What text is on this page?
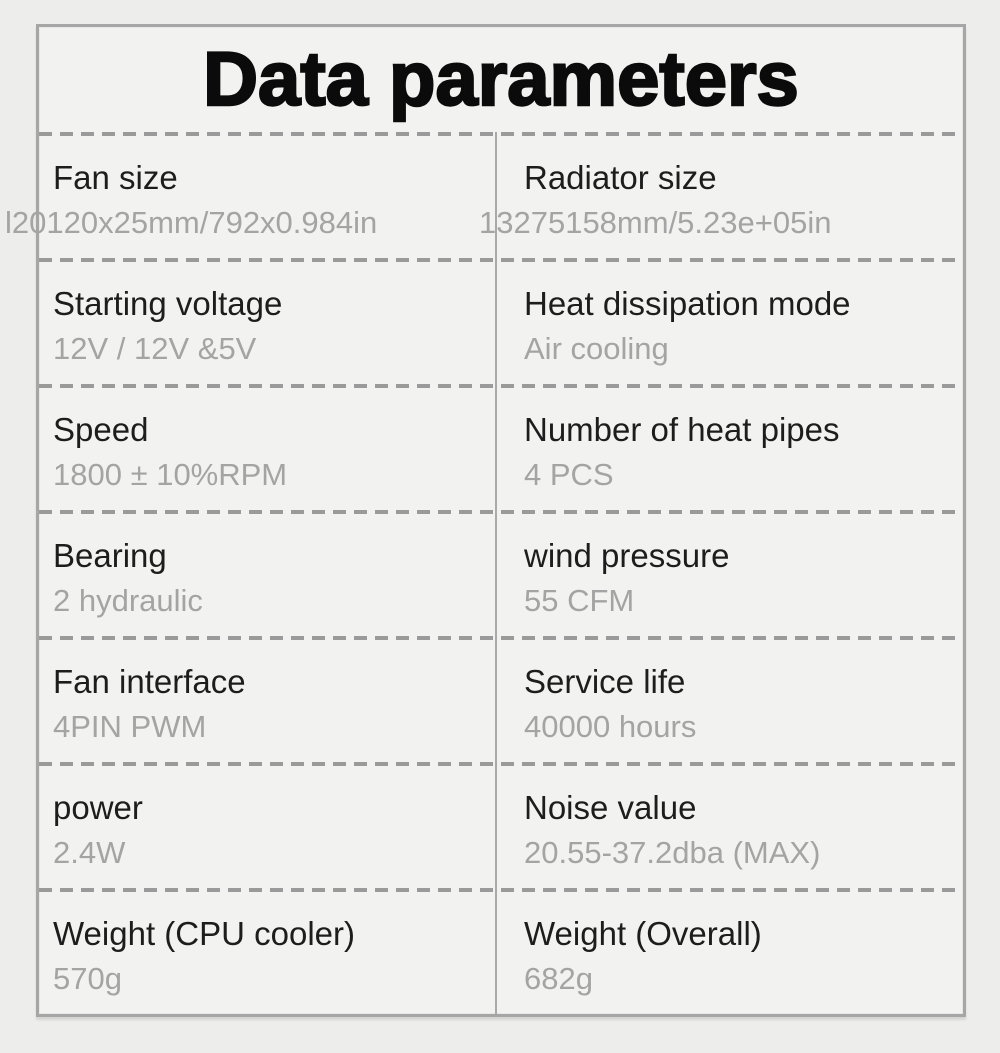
Data parameters
Fan size
l20120x25mm/792x0.984in
Radiator size
13275158mm/5.23e+05in
Starting voltage
12V / 12V &5V
Heat dissipation mode
Air cooling
Speed
1800 ± 10%RPM
Number of heat pipes
4 PCS
Bearing
2 hydraulic
wind pressure
55 CFM
Fan interface
4PIN PWM
Service life
40000 hours
power
2.4W
Noise value
20.55-37.2dba (MAX)
Weight (CPU cooler)
570g
Weight (Overall)
682g
